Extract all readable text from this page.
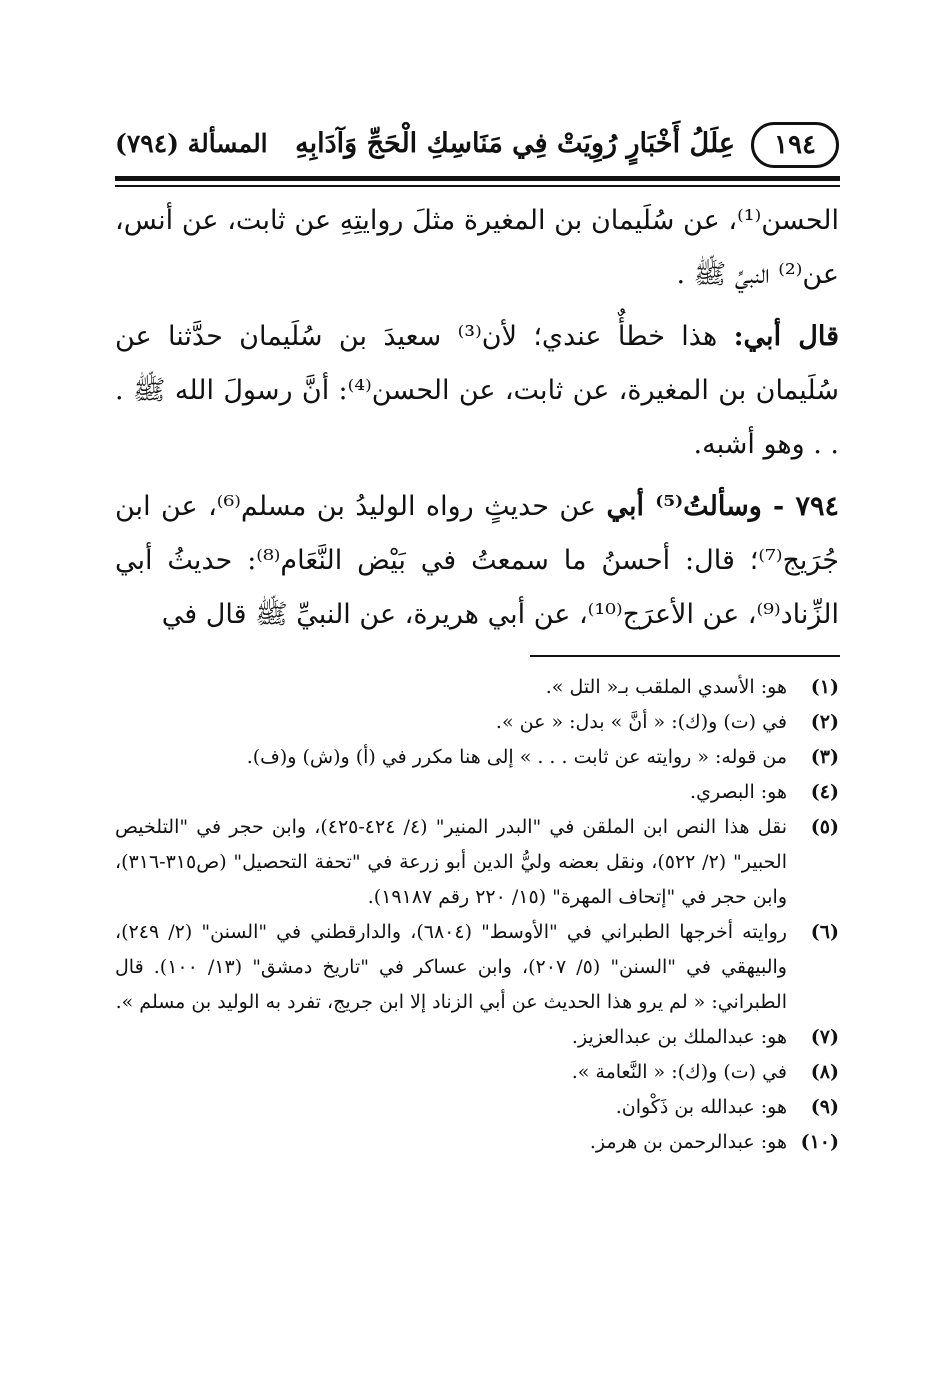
١٩٤
عِلَلُ أَخْبَارٍ رُوِيَتْ فِي مَنَاسِكِ الْحَجِّ وَآدَابِهِ
المسألة (٧٩٤)

الحسن⁽¹⁾، عن سُلَيمان بن المغيرة مثلَ روايتِهِ عن ثابت، عن أنس، عن⁽²⁾ النبيِّ ﷺ .

قال أبي: هذا خطأٌ عندي؛ لأن⁽³⁾ سعيدَ بن سُلَيمان حدَّثنا عن سُلَيمان بن المغيرة، عن ثابت، عن الحسن⁽⁴⁾: أنَّ رسولَ الله ﷺ . . . وهو أشبه.

٧٩٤ - وسألتُ⁽⁵⁾ أبي عن حديثٍ رواه الوليدُ بن مسلم⁽⁶⁾، عن ابن جُرَيج⁽⁷⁾؛ قال: أحسنُ ما سمعتُ في بَيْض النَّعَام⁽⁸⁾: حديثُ أبي الزِّناد⁽⁹⁾، عن الأعرَج⁽¹⁰⁾، عن أبي هريرة، عن النبيِّ ﷺ قال في

(١)
هو: الأسدي الملقب بـ« التل ».
(٢)
في (ت) و(ك): « أنَّ » بدل: « عن ».
(٣)
من قوله: « روايته عن ثابت . . . » إلى هنا مكرر في (أ) و(ش) و(ف).
(٤)
هو: البصري.
(٥)
نقل هذا النص ابن الملقن في "البدر المنير" (٤/ ٤٢٤-٤٢٥)، وابن حجر في "التلخيص الحبير" (٢/ ٥٢٢)، ونقل بعضه وليُّ الدين أبو زرعة في "تحفة التحصيل" (ص٣١٥-٣١٦)، وابن حجر في "إتحاف المهرة" (١٥/ ٢٢٠ رقم ١٩١٨٧).
(٦)
روايته أخرجها الطبراني في "الأوسط" (٦٨٠٤)، والدارقطني في "السنن" (٢/ ٢٤٩)، والبيهقي في "السنن" (٥/ ٢٠٧)، وابن عساكر في "تاريخ دمشق" (١٣/ ١٠٠). قال الطبراني: « لم يرو هذا الحديث عن أبي الزناد إلا ابن جريج، تفرد به الوليد بن مسلم ».
(٧)
هو: عبدالملك بن عبدالعزيز.
(٨)
في (ت) و(ك): « النَّعامة ».
(٩)
هو: عبدالله بن ذَكْوان.
(١٠)
هو: عبدالرحمن بن هرمز.
